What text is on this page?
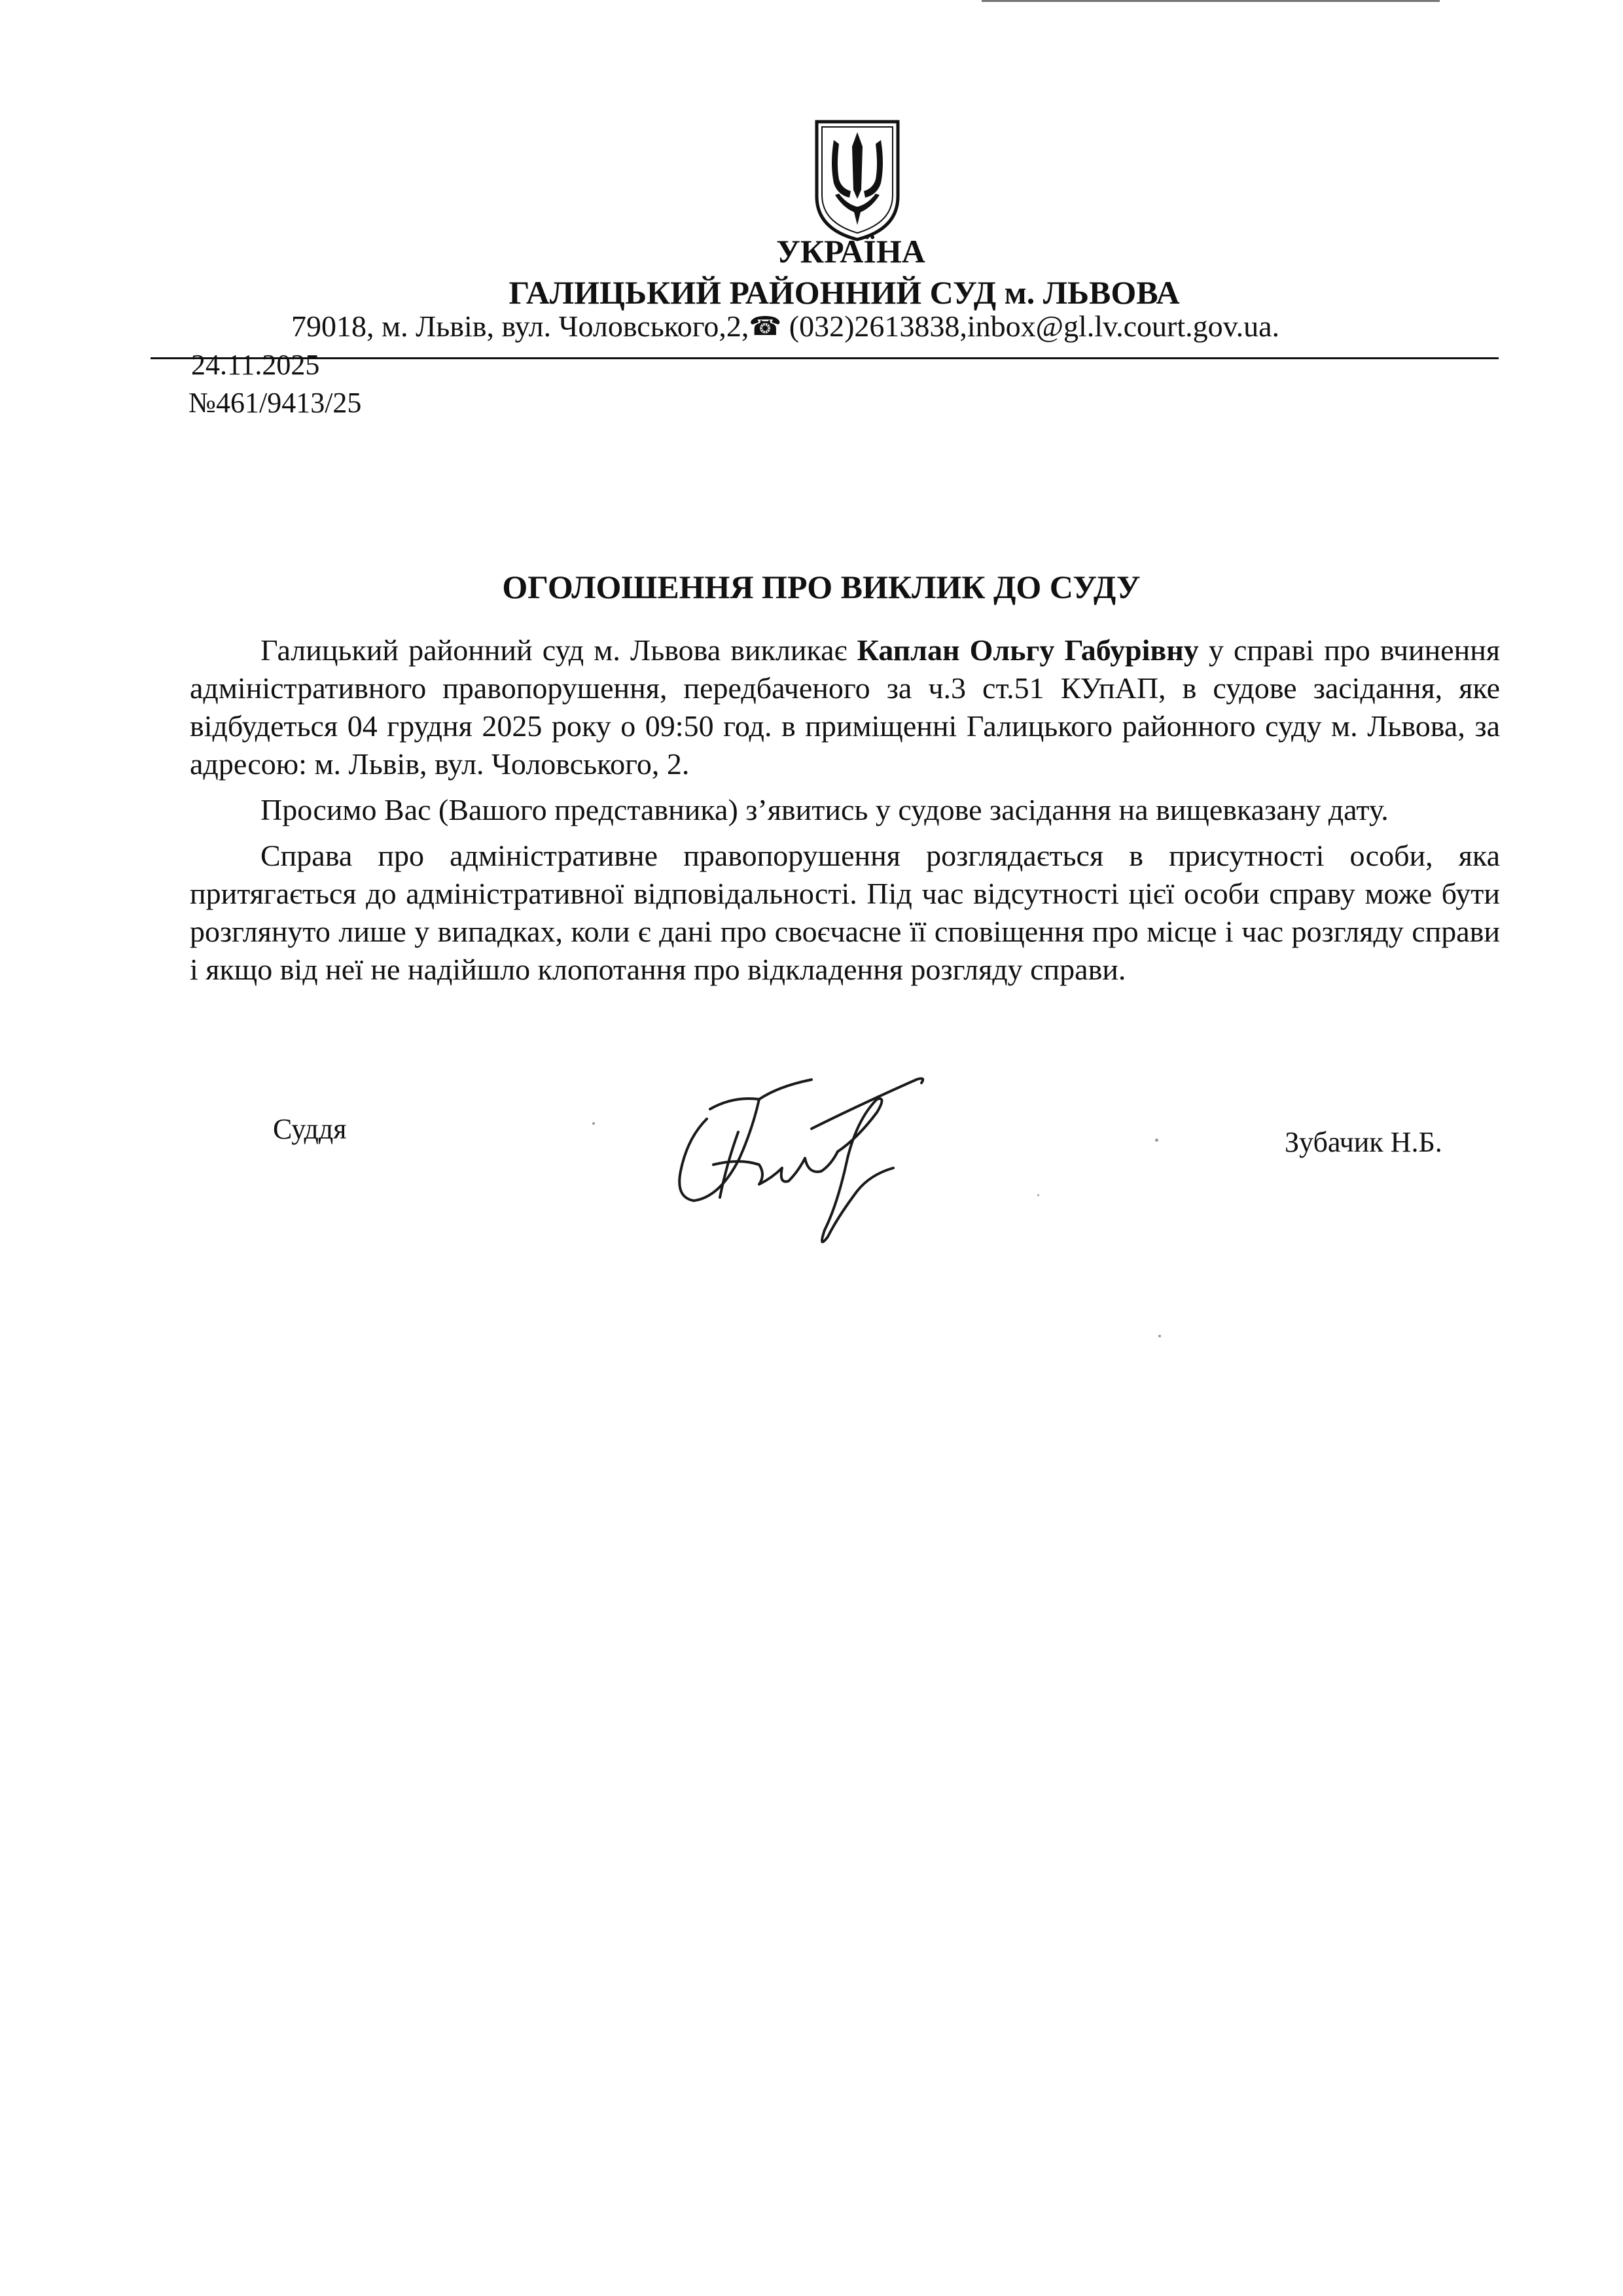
УКРАЇНА
ГАЛИЦЬКИЙ РАЙОННИЙ СУД м. ЛЬВОВА
79018, м. Львів, вул. Чоловського,2,☎ (032)2613838,inbox@gl.lv.court.gov.ua.
24.11.2025
№461/9413/25
ОГОЛОШЕННЯ ПРО ВИКЛИК ДО СУДУ

Галицький районний суд м. Львова викликає Каплан Ольгу Габурівну у справі про вчинення адміністративного правопорушення, передбаченого за ч.3 ст.51 КУпАП, в судове засідання, яке відбудеться 04 грудня 2025 року о 09:50 год. в приміщенні Галицького районного суду м. Львова, за адресою: м. Львів, вул. Чоловського, 2.

Просимо Вас (Вашого представника) з’явитись у судове засідання на вищевказану дату.

Справа про адміністративне правопорушення розглядається в присутності особи, яка притягається до адміністративної відповідальності. Під час відсутності цієї особи справу може бути розглянуто лише у випадках, коли є дані про своєчасне її сповіщення про місце і час розгляду справи і якщо від неї не надійшло клопотання про відкладення розгляду справи.

Суддя	Зубачик Н.Б.
